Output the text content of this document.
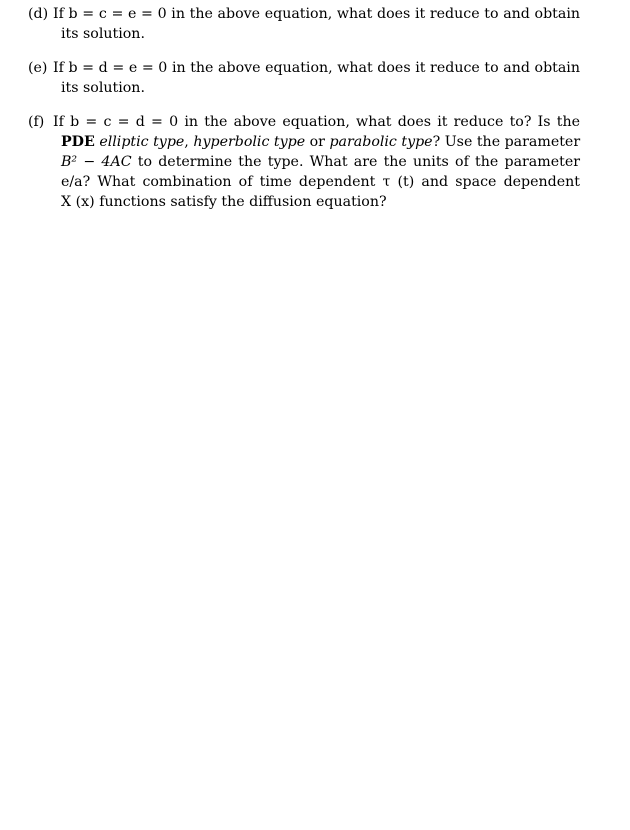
(d) If b = c = e = 0 in the above equation, what does it reduce to and obtain
its solution.
(e) If b = d = e = 0 in the above equation, what does it reduce to and obtain
its solution.
(f) If b = c = d = 0 in the above equation, what does it reduce to? Is the
PDE elliptic type, hyperbolic type or parabolic type? Use the parameter
B² − 4AC to determine the type. What are the units of the parameter
e/a? What combination of time dependent τ (t) and space dependent
X (x) functions satisfy the diffusion equation?
